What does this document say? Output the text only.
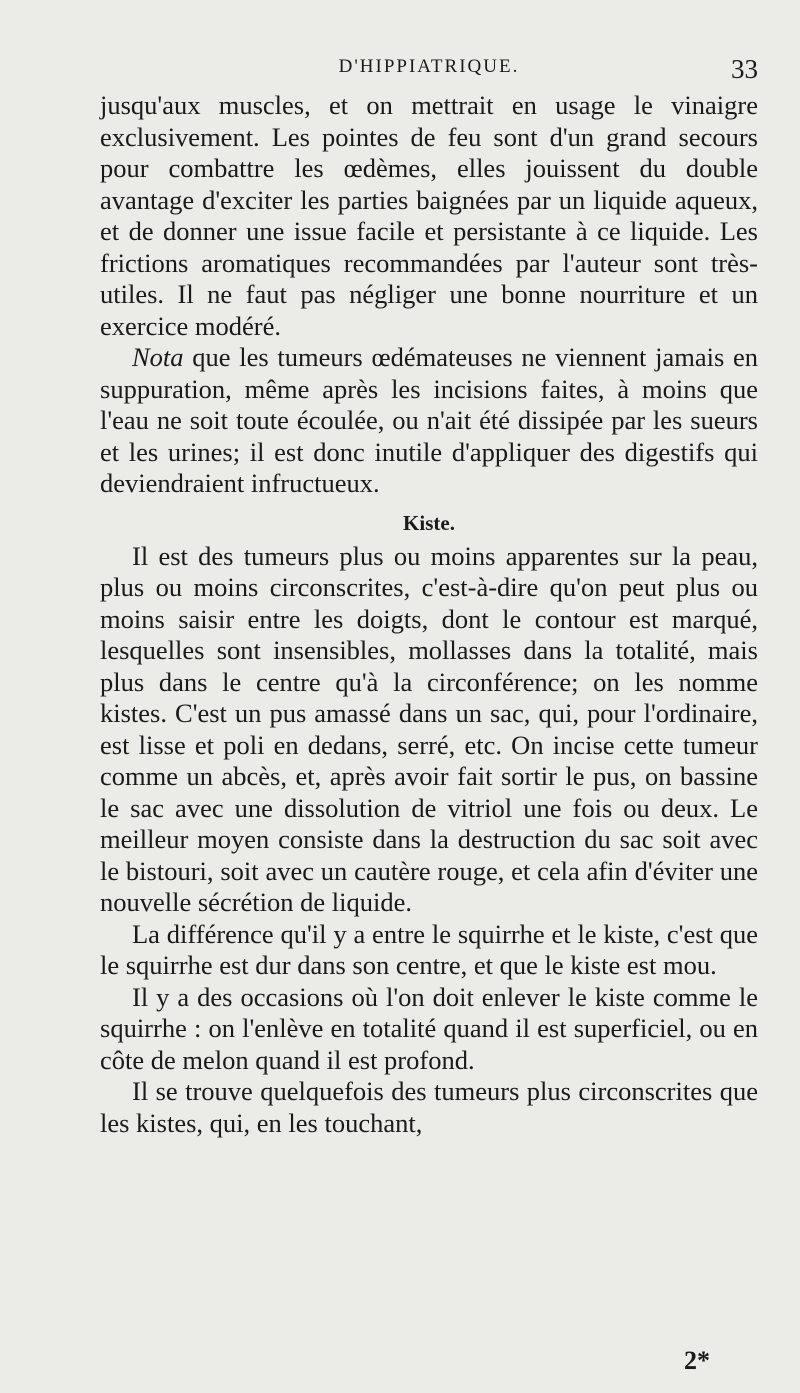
D'HIPPIATRIQUE.	33

jusqu'aux muscles, et on mettrait en usage le vinaigre exclusivement. Les pointes de feu sont d'un grand secours pour combattre les œdèmes, elles jouissent du double avantage d'exciter les parties baignées par un liquide aqueux, et de donner une issue facile et persistante à ce liquide. Les frictions aromatiques recommandées par l'auteur sont très-utiles. Il ne faut pas négliger une bonne nourriture et un exercice modéré.

Nota que les tumeurs œdémateuses ne viennent jamais en suppuration, même après les incisions faites, à moins que l'eau ne soit toute écoulée, ou n'ait été dissipée par les sueurs et les urines; il est donc inutile d'appliquer des digestifs qui deviendraient infructueux.

Kiste.

Il est des tumeurs plus ou moins apparentes sur la peau, plus ou moins circonscrites, c'est-à-dire qu'on peut plus ou moins saisir entre les doigts, dont le contour est marqué, lesquelles sont insensibles, mollasses dans la totalité, mais plus dans le centre qu'à la circonférence; on les nomme kistes. C'est un pus amassé dans un sac, qui, pour l'ordinaire, est lisse et poli en dedans, serré, etc. On incise cette tumeur comme un abcès, et, après avoir fait sortir le pus, on bassine le sac avec une dissolution de vitriol une fois ou deux. Le meilleur moyen consiste dans la destruction du sac soit avec le bistouri, soit avec un cautère rouge, et cela afin d'éviter une nouvelle sécrétion de liquide.

La différence qu'il y a entre le squirrhe et le kiste, c'est que le squirrhe est dur dans son centre, et que le kiste est mou.

Il y a des occasions où l'on doit enlever le kiste comme le squirrhe : on l'enlève en totalité quand il est superficiel, ou en côte de melon quand il est profond.

Il se trouve quelquefois des tumeurs plus circonscrites que les kistes, qui, en les touchant,

2*
